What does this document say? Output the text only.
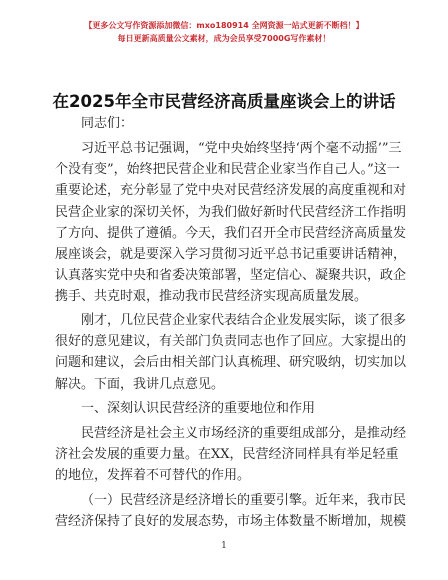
【更多公文写作资源添加微信：mxo180914 全网资源一站式更新不断档！】
每日更新高质量公文素材，成为会员享受7000G写作素材！
在2025年全市民营经济高质量座谈会上的讲话
同志们：
习近平总书记强调，“党中央始终坚持‘两个毫不动摇’”三
个没有变”，始终把民营企业和民营企业家当作自己人。”这一
重要论述，充分彰显了党中央对民营经济发展的高度重视和对
民营企业家的深切关怀，为我们做好新时代民营经济工作指明
了方向、提供了遵循。今天，我们召开全市民营经济高质量发
展座谈会，就是要深入学习贯彻习近平总书记重要讲话精神，
认真落实党中央和省委决策部署，坚定信心、凝聚共识，政企
携手、共克时艰，推动我市民营经济实现高质量发展。
刚才，几位民营企业家代表结合企业发展实际，谈了很多
很好的意见建议，有关部门负责同志也作了回应。大家提出的
问题和建议，会后由相关部门认真梳理、研究吸纳，切实加以
解决。下面，我讲几点意见。
一、深刻认识民营经济的重要地位和作用
民营经济是社会主义市场经济的重要组成部分，是推动经
济社会发展的重要力量。在XX，民营经济同样具有举足轻重
的地位，发挥着不可替代的作用。
（一）民营经济是经济增长的重要引擎。近年来，我市民
营经济保持了良好的发展态势，市场主体数量不断增加，规模
1
